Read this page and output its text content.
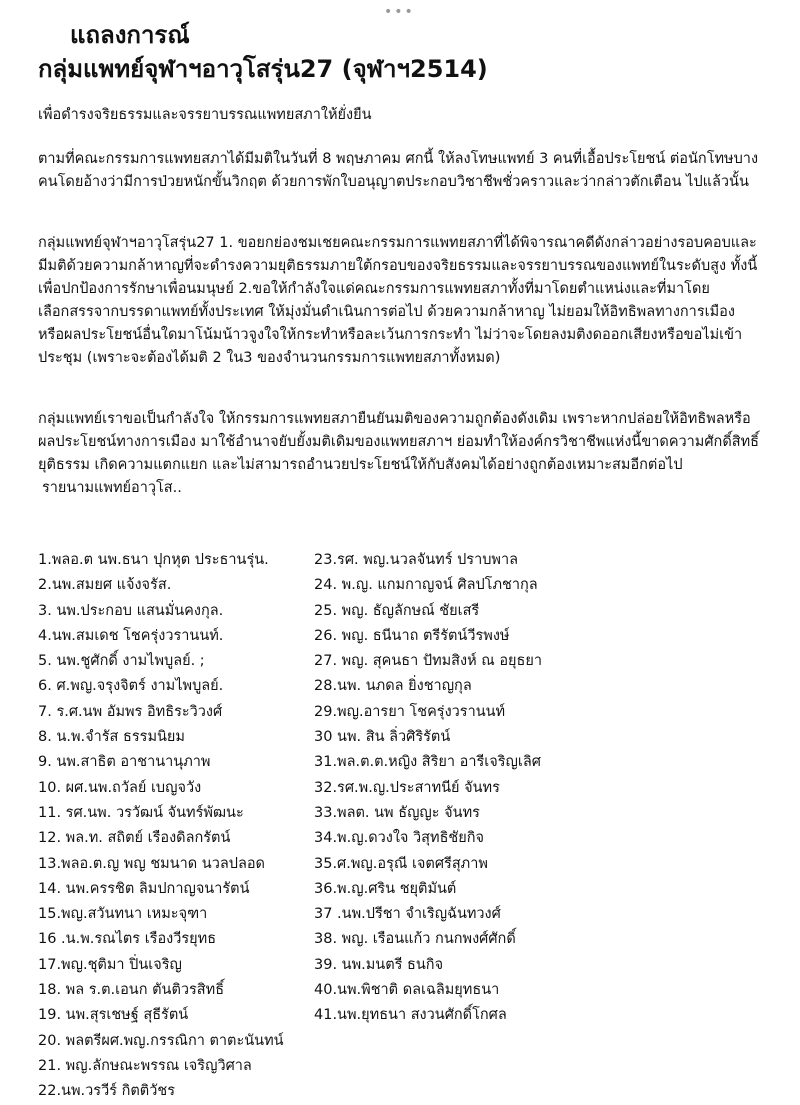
•••
แถลงการณ์
กลุ่มแพทย์จุฬาฯอาวุโสรุ่น27 (จุฬาฯ2514)
เพื่อดำรงจริยธรรมและจรรยาบรรณแพทยสภาให้ยั่งยืน
ตามที่คณะกรรมการแพทยสภาได้มีมติในวันที่ 8 พฤษภาคม ศกนี้ ให้ลงโทษแพทย์ 3 คนที่เอื้อประโยชน์ ต่อนักโทษบางคนโดยอ้างว่ามีการป่วยหนักขั้นวิกฤต ด้วยการพักใบอนุญาตประกอบวิชาชีพชั่วคราวและว่ากล่าวตักเตือน ไปแล้วนั้น
กลุ่มแพทย์จุฬาฯอาวุโสรุ่น27 1. ขอยกย่องชมเชยคณะกรรมการแพทยสภาที่ได้พิจารณาคดีดังกล่าวอย่างรอบคอบและมีมติด้วยความกล้าหาญที่จะดำรงความยุติธรรมภายใต้กรอบของจริยธรรมและจรรยาบรรณของแพทย์ในระดับสูง ทั้งนี้เพื่อปกป้องการรักษาเพื่อนมนุษย์ 2.ขอให้กำลังใจแด่คณะกรรมการแพทยสภาทั้งที่มาโดยตำแหน่งและที่มาโดยเลือกสรรจากบรรดาแพทย์ทั้งประเทศ ให้มุ่งมั่นดำเนินการต่อไป ด้วยความกล้าหาญ ไม่ยอมให้อิทธิพลทางการเมือง หรือผลประโยชน์อื่นใดมาโน้มน้าวจูงใจให้กระทำหรือละเว้นการกระทำ ไม่ว่าจะโดยลงมติงดออกเสียงหรือขอไม่เข้าประชุม (เพราะจะต้องได้มติ 2 ใน3 ของจำนวนกรรมการแพทยสภาทั้งหมด)
กลุ่มแพทย์เราขอเป็นกำลังใจ ให้กรรมการแพทยสภายืนยันมติของความถูกต้องดังเดิม เพราะหากปล่อยให้อิทธิพลหรือผลประโยชน์ทางการเมือง มาใช้อำนาจยับยั้งมติเดิมของแพทยสภาฯ ย่อมทำให้องค์กรวิชาชีพแห่งนี้ขาดความศักดิ์สิทธิ์ยุติธรรม เกิดความแตกแยก และไม่สามารถอำนวยประโยชน์ให้กับสังคมได้อย่างถูกต้องเหมาะสมอีกต่อไป
รายนามแพทย์อาวุโส..
1.พลอ.ต นพ.ธนา ปุกหุต ประธานรุ่น.
2.นพ.สมยศ แจ้งจรัส.
3. นพ.ประกอบ แสนมั่นคงกุล.
4.นพ.สมเดช โชครุ่งวรานนท์.
5. นพ.ชูศักดิ์ งามไพบูลย์. ;
6. ศ.พญ.จรุงจิตร์ งามไพบูลย์.
7. ร.ศ.นพ อัมพร อิทธิระวิวงศ์
8. น.พ.จำรัส ธรรมนิยม
9. นพ.สาธิต อาชานานุภาพ
10. ผศ.นพ.ถวัลย์ เบญจวัง
11. รศ.นพ. วรวัฒน์ จันทร์พัฒนะ
12. พล.ท. สถิตย์ เรืองดิลกรัตน์
13.พลอ.ต.ญ พญ ชมนาด นวลปลอด
14. นพ.ครรชิต ลิมปกาญจนารัตน์
15.พญ.สวันทนา เหมะจุฑา
16 .น.พ.รณไตร เรืองวีรยุทธ
17.พญ.ชุติมา ปิ่นเจริญ
18. พล ร.ต.เอนก ตันติวรสิทธิ์
19. นพ.สุรเชษฐ์ สุธีรัตน์
20. พลตรีผศ.พญ.กรรณิกา ตาตะนันทน์
21. พญ.ลักษณะพรรณ เจริญวิศาล
22.นพ.วรวีร์ กิตติวัชร
23.รศ. พญ.นวลจันทร์ ปราบพาล
24. พ.ญ. แกมกาญจน์ ศิลปโภชากุล
25. พญ. ธัญลักษณ์ ชัยเสรี
26. พญ. ธนีนาถ ตรีรัตน์วีรพงษ์
27. พญ. สุคนธา ปัทมสิงห์ ณ อยุธยา
28.นพ. นภดล ยิ่งชาญกุล
29.พญ.อารยา โชครุ่งวรานนท์
30 นพ. สิน ลิ่วศิริรัตน์
31.พล.ต.ต.หญิง สิริยา อารีเจริญเลิศ
32.รศ.พ.ญ.ประสาทนีย์ จันทร
33.พลต. นพ ธัญญะ จันทร
34.พ.ญ.ดวงใจ วิสุทธิชัยกิจ
35.ศ.พญ.อรุณี เจตศรีสุภาพ
36.พ.ญ.ศริน ชยุติมันต์
37 .นพ.ปรีชา จำเริญฉันทวงศ์
38. พญ. เรือนแก้ว กนกพงศ์ศักดิ์
39. นพ.มนตรี ธนกิจ
40.นพ.พิชาติ ดลเฉลิมยุทธนา
41.นพ.ยุทธนา สงวนศักดิ์โกศล
